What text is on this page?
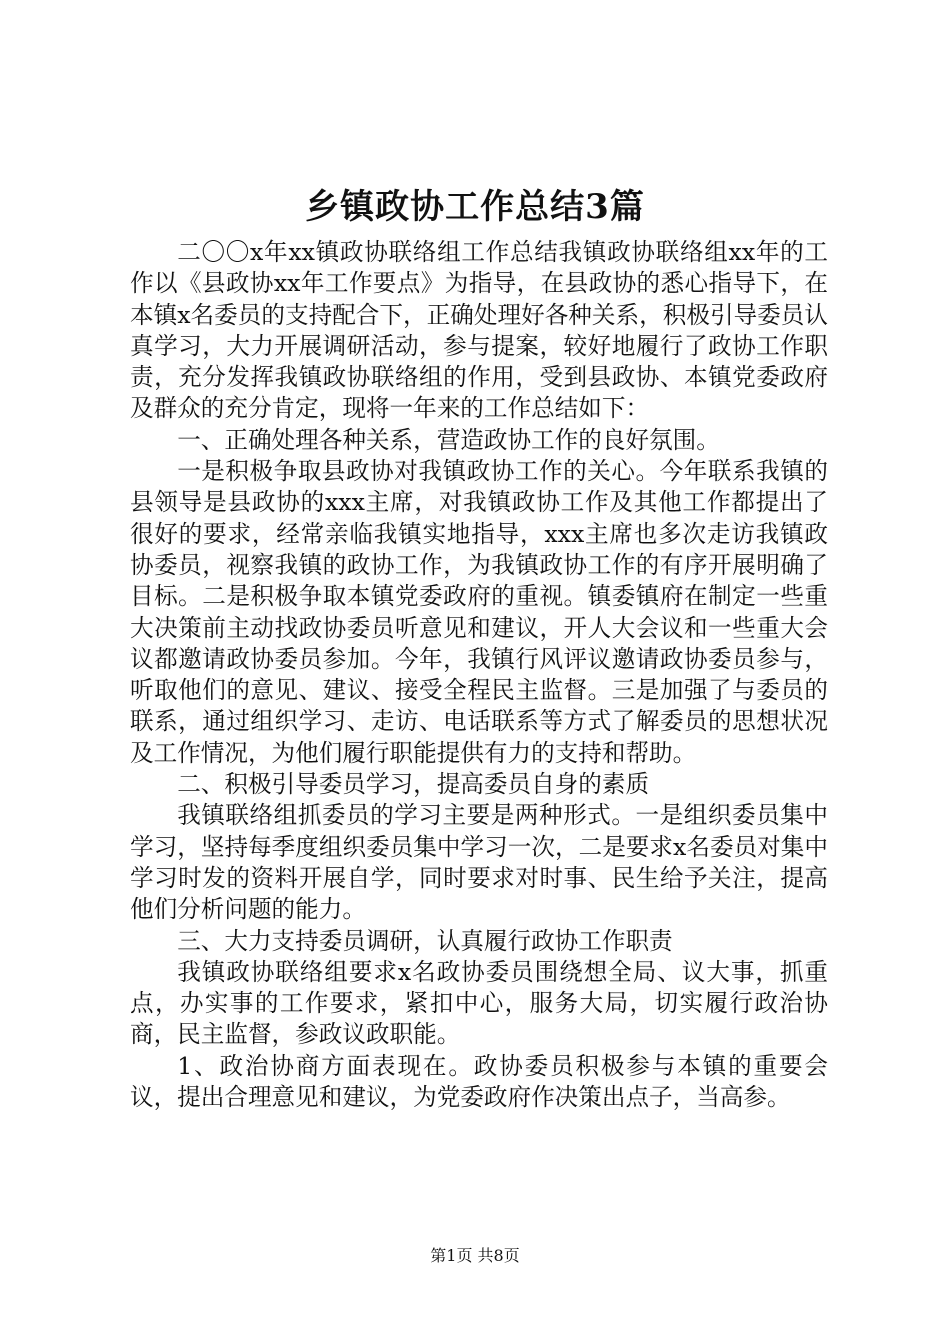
乡镇政协工作总结3篇

二〇〇x年xx镇政协联络组工作总结我镇政协联络组xx年的工作以《县政协xx年工作要点》为指导，在县政协的悉心指导下，在本镇x名委员的支持配合下，正确处理好各种关系，积极引导委员认真学习，大力开展调研活动，参与提案，较好地履行了政协工作职责，充分发挥我镇政协联络组的作用，受到县政协、本镇党委政府及群众的充分肯定，现将一年来的工作总结如下：

一、正确处理各种关系，营造政协工作的良好氛围。

一是积极争取县政协对我镇政协工作的关心。今年联系我镇的县领导是县政协的xxx主席，对我镇政协工作及其他工作都提出了很好的要求，经常亲临我镇实地指导，xxx主席也多次走访我镇政协委员，视察我镇的政协工作，为我镇政协工作的有序开展明确了目标。二是积极争取本镇党委政府的重视。镇委镇府在制定一些重大决策前主动找政协委员听意见和建议，开人大会议和一些重大会议都邀请政协委员参加。今年，我镇行风评议邀请政协委员参与，听取他们的意见、建议、接受全程民主监督。三是加强了与委员的联系，通过组织学习、走访、电话联系等方式了解委员的思想状况及工作情况，为他们履行职能提供有力的支持和帮助。

二、积极引导委员学习，提高委员自身的素质

我镇联络组抓委员的学习主要是两种形式。一是组织委员集中学习，坚持每季度组织委员集中学习一次，二是要求x名委员对集中学习时发的资料开展自学，同时要求对时事、民生给予关注，提高他们分析问题的能力。

三、大力支持委员调研，认真履行政协工作职责

我镇政协联络组要求x名政协委员围绕想全局、议大事，抓重点，办实事的工作要求，紧扣中心，服务大局，切实履行政治协商，民主监督，参政议政职能。

1、政治协商方面表现在。政协委员积极参与本镇的重要会议，提出合理意见和建议，为党委政府作决策出点子，当高参。

第1页 共8页
